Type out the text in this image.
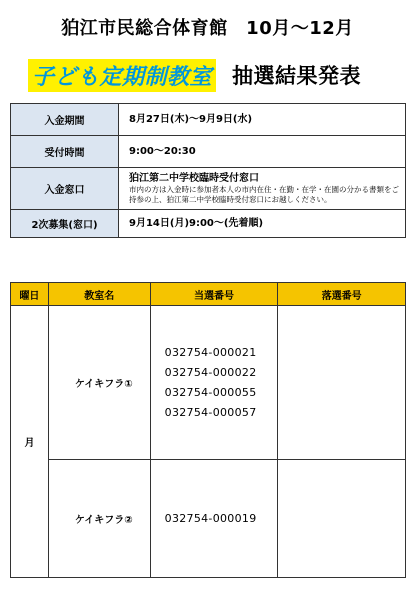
狛江市民総合体育館　10月～12月
子ども定期制教室 抽選結果発表
入金期間	8月27日(木)～9月9日(水)

受付時間	9:00～20:30

入金窓口	狛江第二中学校臨時受付窓口
市内の方は入金時に参加者本人の市内在住・在勤・在学・在園の分かる書類をご持参の上、狛江第二中学校臨時受付窓口にお越しください。

2次募集(窓口)	9月14日(月)9:00～(先着順)
曜日	教室名	当選番号	落選番号
月	ケイキフラ①	032754-000021
032754-000022
032754-000055
032754-000057	

	ケイキフラ②	032754-000019	
